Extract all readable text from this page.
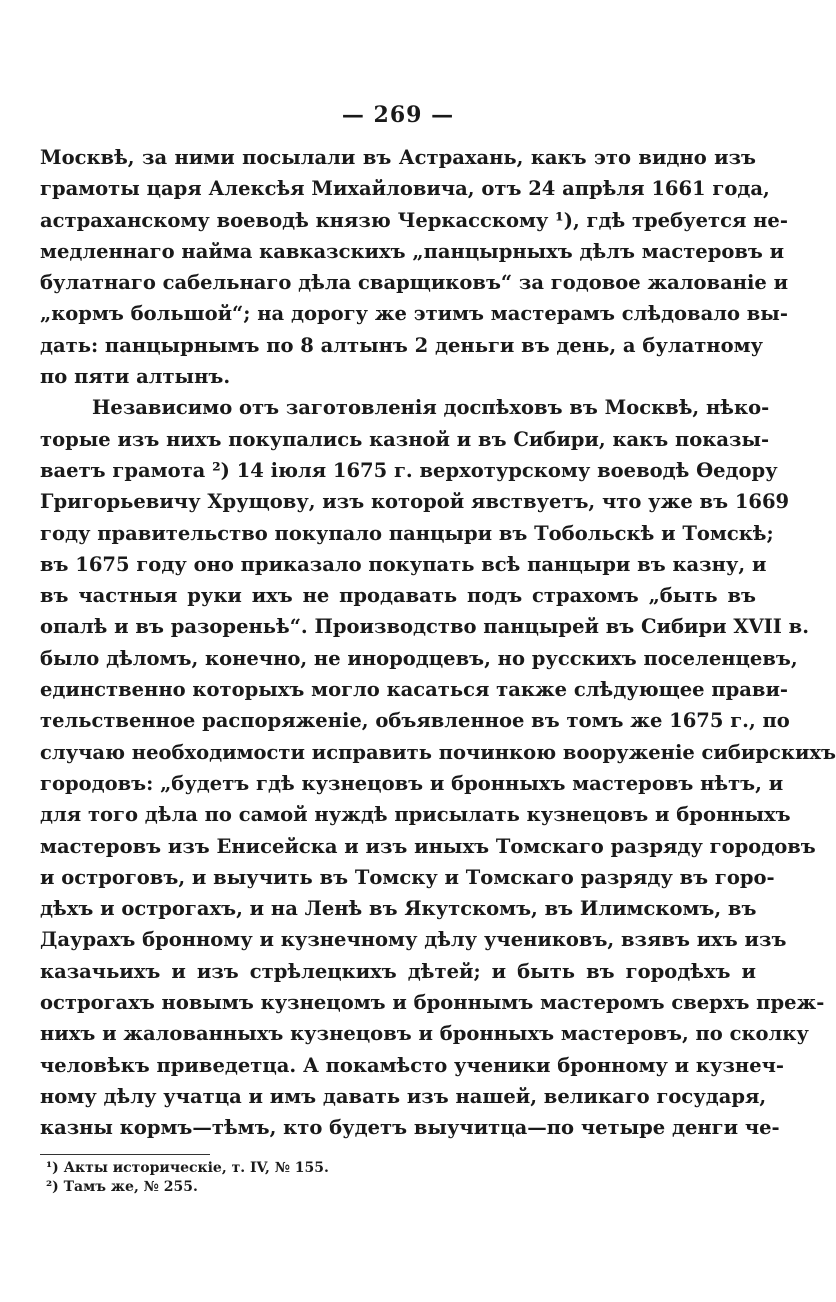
— 269 —
Москвѣ, за ними посылали въ Астрахань, какъ это видно изъ
грамоты царя Алексѣя Михайловича, отъ 24 апрѣля 1661 года,
астраханскому воеводѣ князю Черкасскому ¹), гдѣ требуется не-
медленнаго найма кавказскихъ „панцырныхъ дѣлъ мастеровъ и
булатнаго сабельнаго дѣла сварщиковъ“ за годовое жалованіе и
„кормъ большой“; на дорогу же этимъ мастерамъ слѣдовало вы-
дать: панцырнымъ по 8 алтынъ 2 деньги въ день, а булатному
по пяти алтынъ.
Независимо отъ заготовленія доспѣховъ въ Москвѣ, нѣко-
торые изъ нихъ покупались казной и въ Сибири, какъ показы-
ваетъ грамота ²) 14 іюля 1675 г. верхотурскому воеводѣ Ѳедору
Григорьевичу Хрущову, изъ которой явствуетъ, что уже въ 1669
году правительство покупало панцыри въ Тобольскѣ и Томскѣ;
въ 1675 году оно приказало покупать всѣ панцыри въ казну, и
въ частныя руки ихъ не продавать подъ страхомъ „быть въ
опалѣ и въ разореньѣ“. Производство панцырей въ Сибири XVII в.
было дѣломъ, конечно, не инородцевъ, но русскихъ поселенцевъ,
единственно которыхъ могло касаться также слѣдующее прави-
тельственное распоряженіе, объявленное въ томъ же 1675 г., по
случаю необходимости исправить починкою вооруженіе сибирскихъ
городовъ: „будетъ гдѣ кузнецовъ и бронныхъ мастеровъ нѣтъ, и
для того дѣла по самой нуждѣ присылать кузнецовъ и бронныхъ
мастеровъ изъ Енисейска и изъ иныхъ Томскаго разряду городовъ
и остроговъ, и выучить въ Томску и Томскаго разряду въ горо-
дѣхъ и острогахъ, и на Ленѣ въ Якутскомъ, въ Илимскомъ, въ
Даурахъ бронному и кузнечному дѣлу учениковъ, взявъ ихъ изъ
казачьихъ и изъ стрѣлецкихъ дѣтей; и быть въ городѣхъ и
острогахъ новымъ кузнецомъ и броннымъ мастеромъ сверхъ преж-
нихъ и жалованныхъ кузнецовъ и бронныхъ мастеровъ, по сколку
человѣкъ приведетца. А покамѣсто ученики бронному и кузнеч-
ному дѣлу учатца и имъ давать изъ нашей, великаго государя,
казны кормъ—тѣмъ, кто будетъ выучитца—по четыре денги че-
¹) Акты историческіе, т. IV, № 155.
²) Тамъ же, № 255.
